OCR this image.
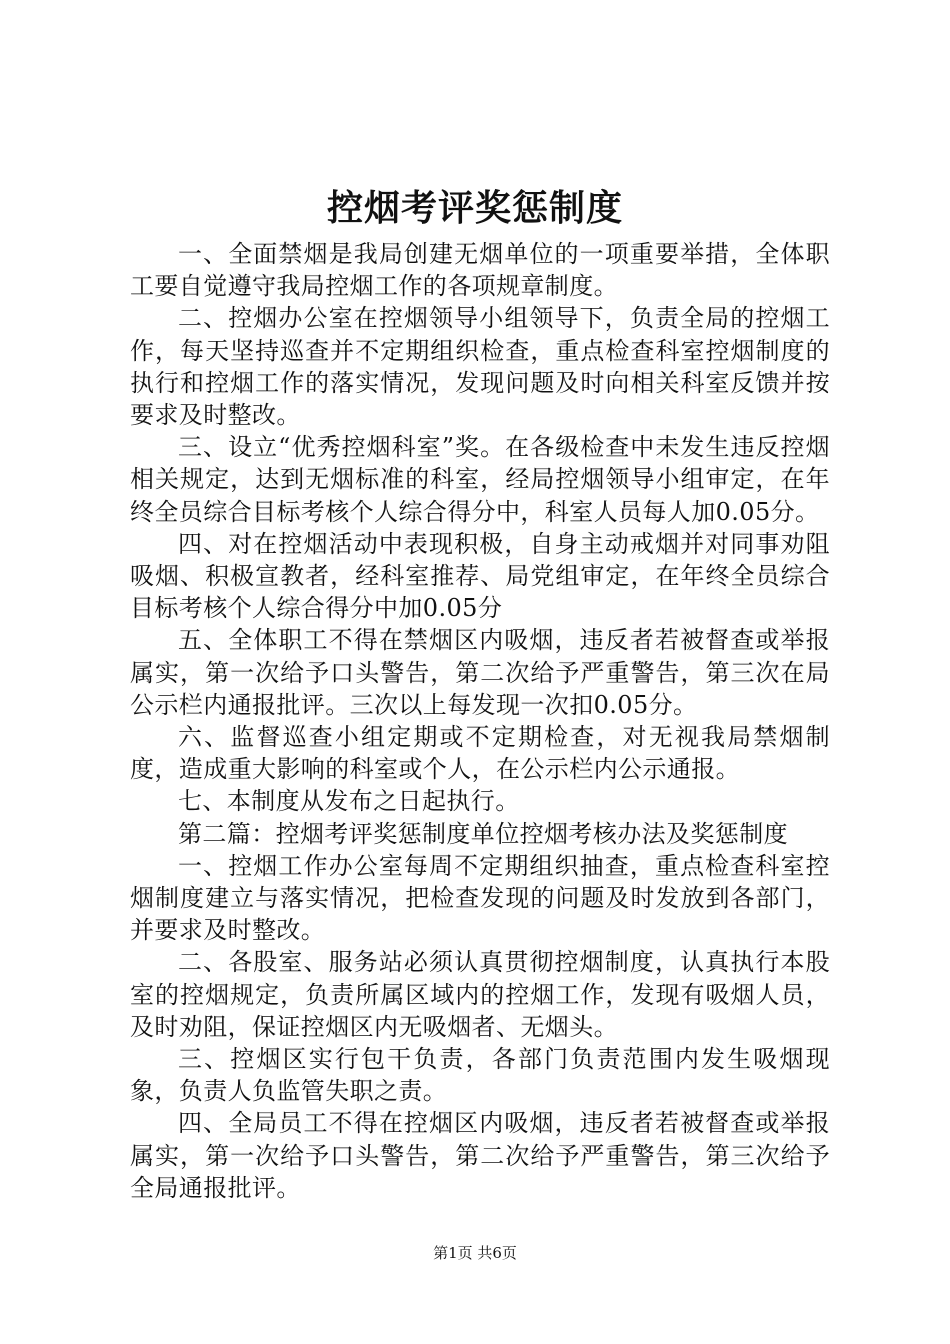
控烟考评奖惩制度

一、全面禁烟是我局创建无烟单位的一项重要举措，全体职工要自觉遵守我局控烟工作的各项规章制度。

二、控烟办公室在控烟领导小组领导下，负责全局的控烟工作，每天坚持巡查并不定期组织检查，重点检查科室控烟制度的执行和控烟工作的落实情况，发现问题及时向相关科室反馈并按要求及时整改。

三、设立“优秀控烟科室”奖。在各级检查中未发生违反控烟相关规定，达到无烟标准的科室，经局控烟领导小组审定，在年终全员综合目标考核个人综合得分中，科室人员每人加0.05分。

四、对在控烟活动中表现积极，自身主动戒烟并对同事劝阻吸烟、积极宣教者，经科室推荐、局党组审定，在年终全员综合目标考核个人综合得分中加0.05分

五、全体职工不得在禁烟区内吸烟，违反者若被督查或举报属实，第一次给予口头警告，第二次给予严重警告，第三次在局公示栏内通报批评。三次以上每发现一次扣0.05分。

六、监督巡查小组定期或不定期检查，对无视我局禁烟制度，造成重大影响的科室或个人，在公示栏内公示通报。

七、本制度从发布之日起执行。

第二篇：控烟考评奖惩制度单位控烟考核办法及奖惩制度

一、控烟工作办公室每周不定期组织抽查，重点检查科室控烟制度建立与落实情况，把检查发现的问题及时发放到各部门，并要求及时整改。

二、各股室、服务站必须认真贯彻控烟制度，认真执行本股室的控烟规定，负责所属区域内的控烟工作，发现有吸烟人员，及时劝阻，保证控烟区内无吸烟者、无烟头。

三、控烟区实行包干负责，各部门负责范围内发生吸烟现象，负责人负监管失职之责。

四、全局员工不得在控烟区内吸烟，违反者若被督查或举报属实，第一次给予口头警告，第二次给予严重警告，第三次给予全局通报批评。

第1页 共6页
